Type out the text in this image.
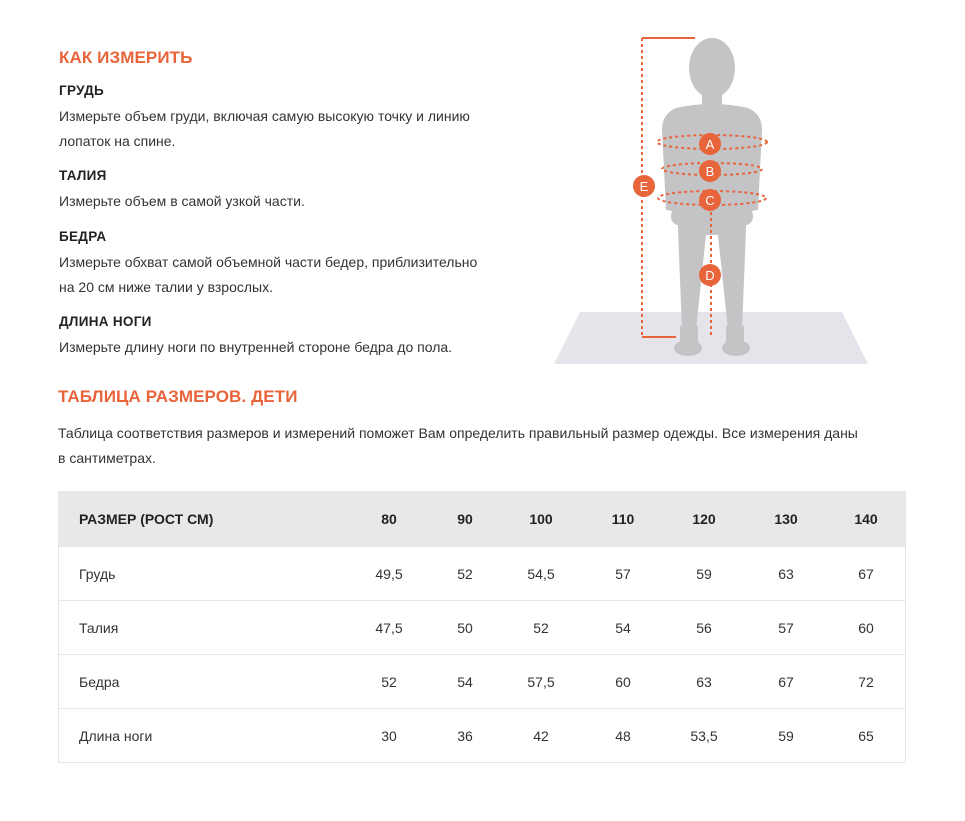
КАК ИЗМЕРИТЬ
ГРУДЬ
Измерьте объем груди, включая самую высокую точку и линию
лопаток на спине.
ТАЛИЯ
Измерьте объем в самой узкой части.
БЕДРА
Измерьте обхват самой объемной части бедер, приблизительно
на 20 см ниже талии у взрослых.
ДЛИНА НОГИ
Измерьте длину ноги по внутренней стороне бедра до пола.
A
B
C
D
E
ТАБЛИЦА РАЗМЕРОВ. ДЕТИ
Таблица соответствия размеров и измерений поможет Вам определить правильный размер одежды. Все измерения даны
в сантиметрах.
РАЗМЕР (РОСТ СМ)	80	90	100	110	120	130	140
Грудь	49,5	52	54,5	57	59	63	67
Талия	47,5	50	52	54	56	57	60
Бедра	52	54	57,5	60	63	67	72
Длина ноги	30	36	42	48	53,5	59	65
